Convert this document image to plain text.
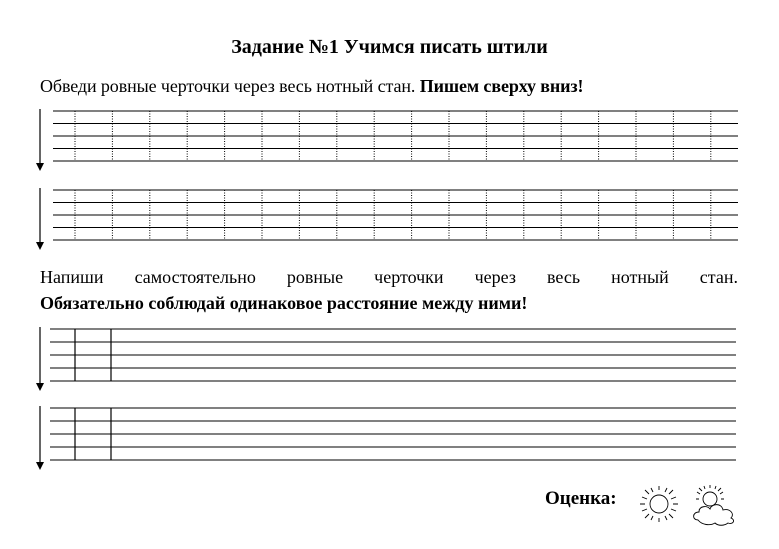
Задание №1 Учимся писать штили
Обведи ровные черточки через весь нотный стан. Пишем сверху вниз!
Напиши самостоятельно ровные черточки через весь нотный стан.
Обязательно соблюдай одинаковое расстояние между ними!
Оценка:
